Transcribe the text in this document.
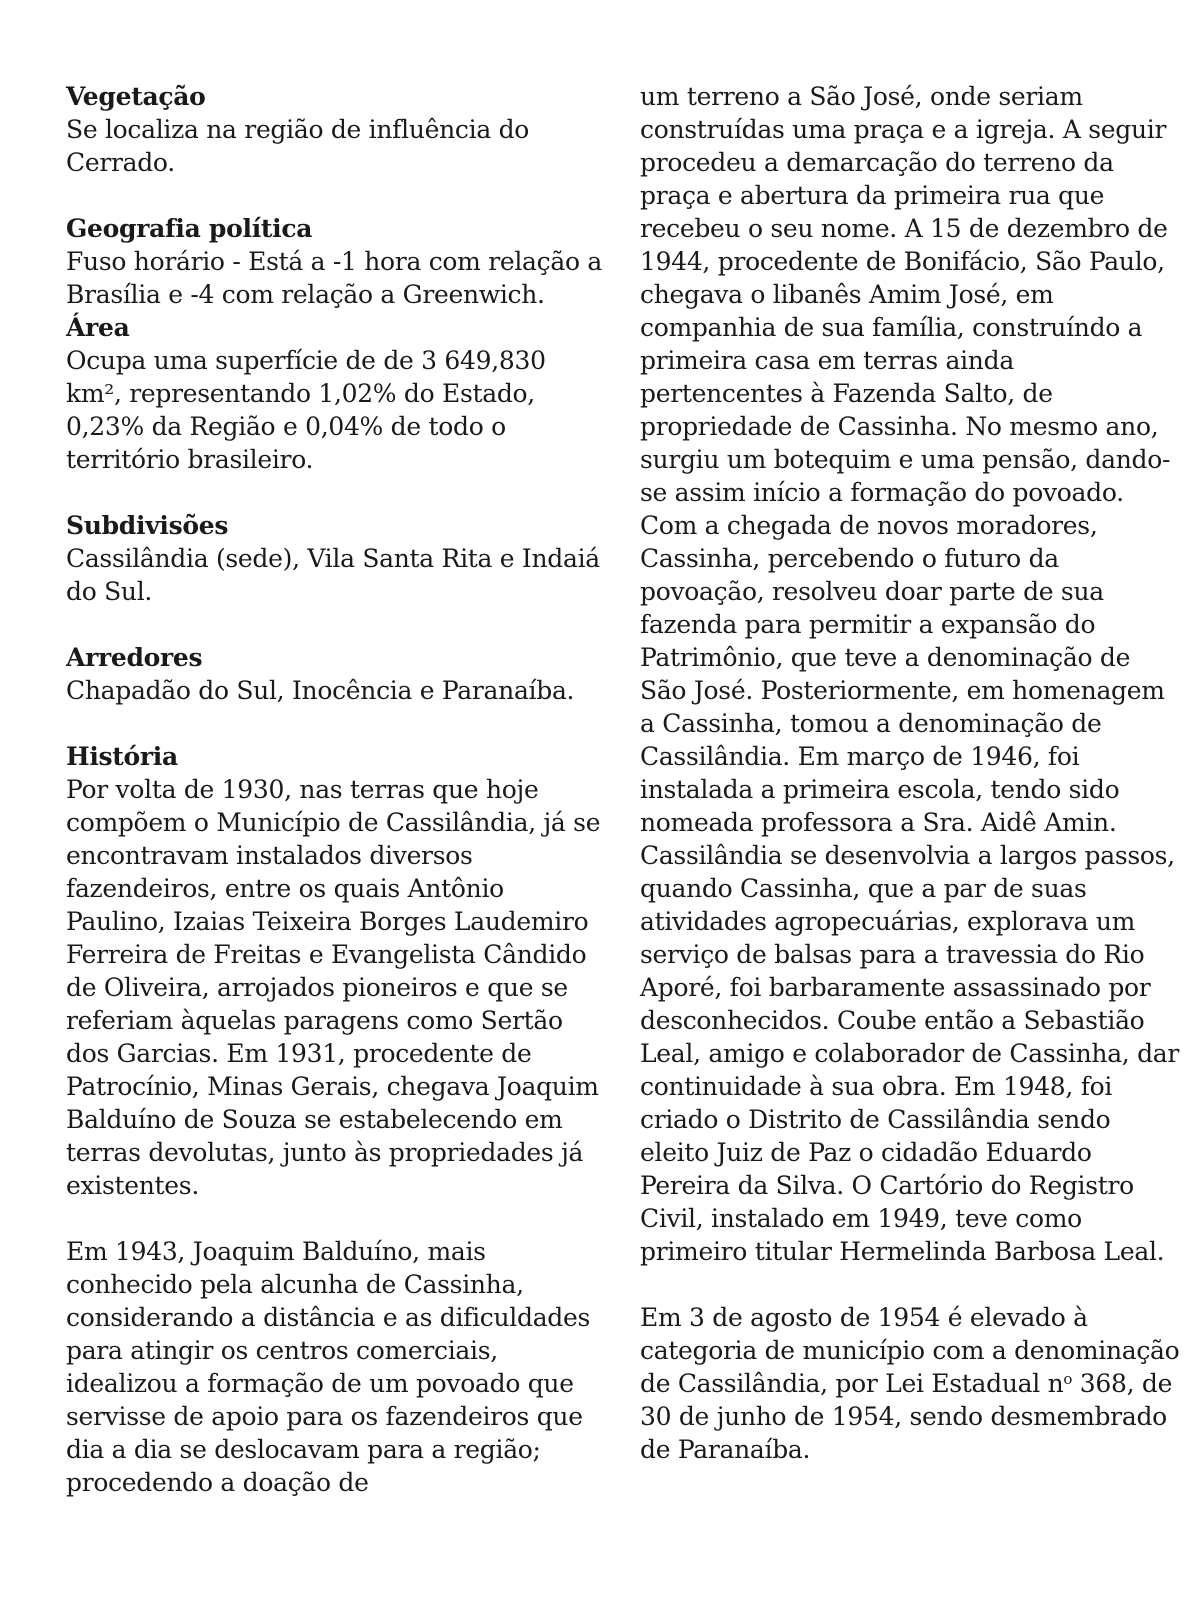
Vegetação
Se localiza na região de influência do Cerrado.
Geografia política
Fuso horário - Está a -1 hora com relação a Brasília e -4 com relação a Greenwich.
Área
Ocupa uma superfície de de 3 649,830 km², representando 1,02% do Estado, 0,23% da Região e 0,04% de todo o território brasileiro.
Subdivisões
Cassilândia (sede), Vila Santa Rita e Indaiá do Sul.
Arredores
Chapadão do Sul, Inocência e Paranaíba.
História
Por volta de 1930, nas terras que hoje compõem o Município de Cassilândia, já se encontravam instalados diversos fazendeiros, entre os quais Antônio Paulino, Izaias Teixeira Borges Laudemiro Ferreira de Freitas e Evangelista Cândido de Oliveira, arrojados pioneiros e que se referiam àquelas paragens como Sertão dos Garcias. Em 1931, procedente de Patrocínio, Minas Gerais, chegava Joaquim Balduíno de Souza se estabelecendo em terras devolutas, junto às propriedades já existentes.
Em 1943, Joaquim Balduíno, mais conhecido pela alcunha de Cassinha, considerando a distância e as dificuldades para atingir os centros comerciais, idealizou a formação de um povoado que servisse de apoio para os fazendeiros que dia a dia se deslocavam para a região; procedendo a doação de
um terreno a São José, onde seriam construídas uma praça e a igreja. A seguir procedeu a demarcação do terreno da praça e abertura da primeira rua que recebeu o seu nome. A 15 de dezembro de 1944, procedente de Bonifácio, São Paulo, chegava o libanês Amim José, em companhia de sua família, construíndo a primeira casa em terras ainda pertencentes à Fazenda Salto, de propriedade de Cassinha. No mesmo ano, surgiu um botequim e uma pensão, dando-se assim início a formação do povoado. Com a chegada de novos moradores, Cassinha, percebendo o futuro da povoação, resolveu doar parte de sua fazenda para permitir a expansão do Patrimônio, que teve a denominação de São José. Posteriormente, em homenagem a Cassinha, tomou a denominação de Cassilândia. Em março de 1946, foi instalada a primeira escola, tendo sido nomeada professora a Sra. Aidê Amin. Cassilândia se desenvolvia a largos passos, quando Cassinha, que a par de suas atividades agropecuárias, explorava um serviço de balsas para a travessia do Rio Aporé, foi barbaramente assassinado por desconhecidos. Coube então a Sebastião Leal, amigo e colaborador de Cassinha, dar continuidade à sua obra. Em 1948, foi criado o Distrito de Cassilândia sendo eleito Juiz de Paz o cidadão Eduardo Pereira da Silva. O Cartório do Registro Civil, instalado em 1949, teve como primeiro titular Hermelinda Barbosa Leal.
Em 3 de agosto de 1954 é elevado à categoria de município com a denominação de Cassilândia, por Lei Estadual $n^o$ 368, de 30 de junho de 1954, sendo desmembrado de Paranaíba.
